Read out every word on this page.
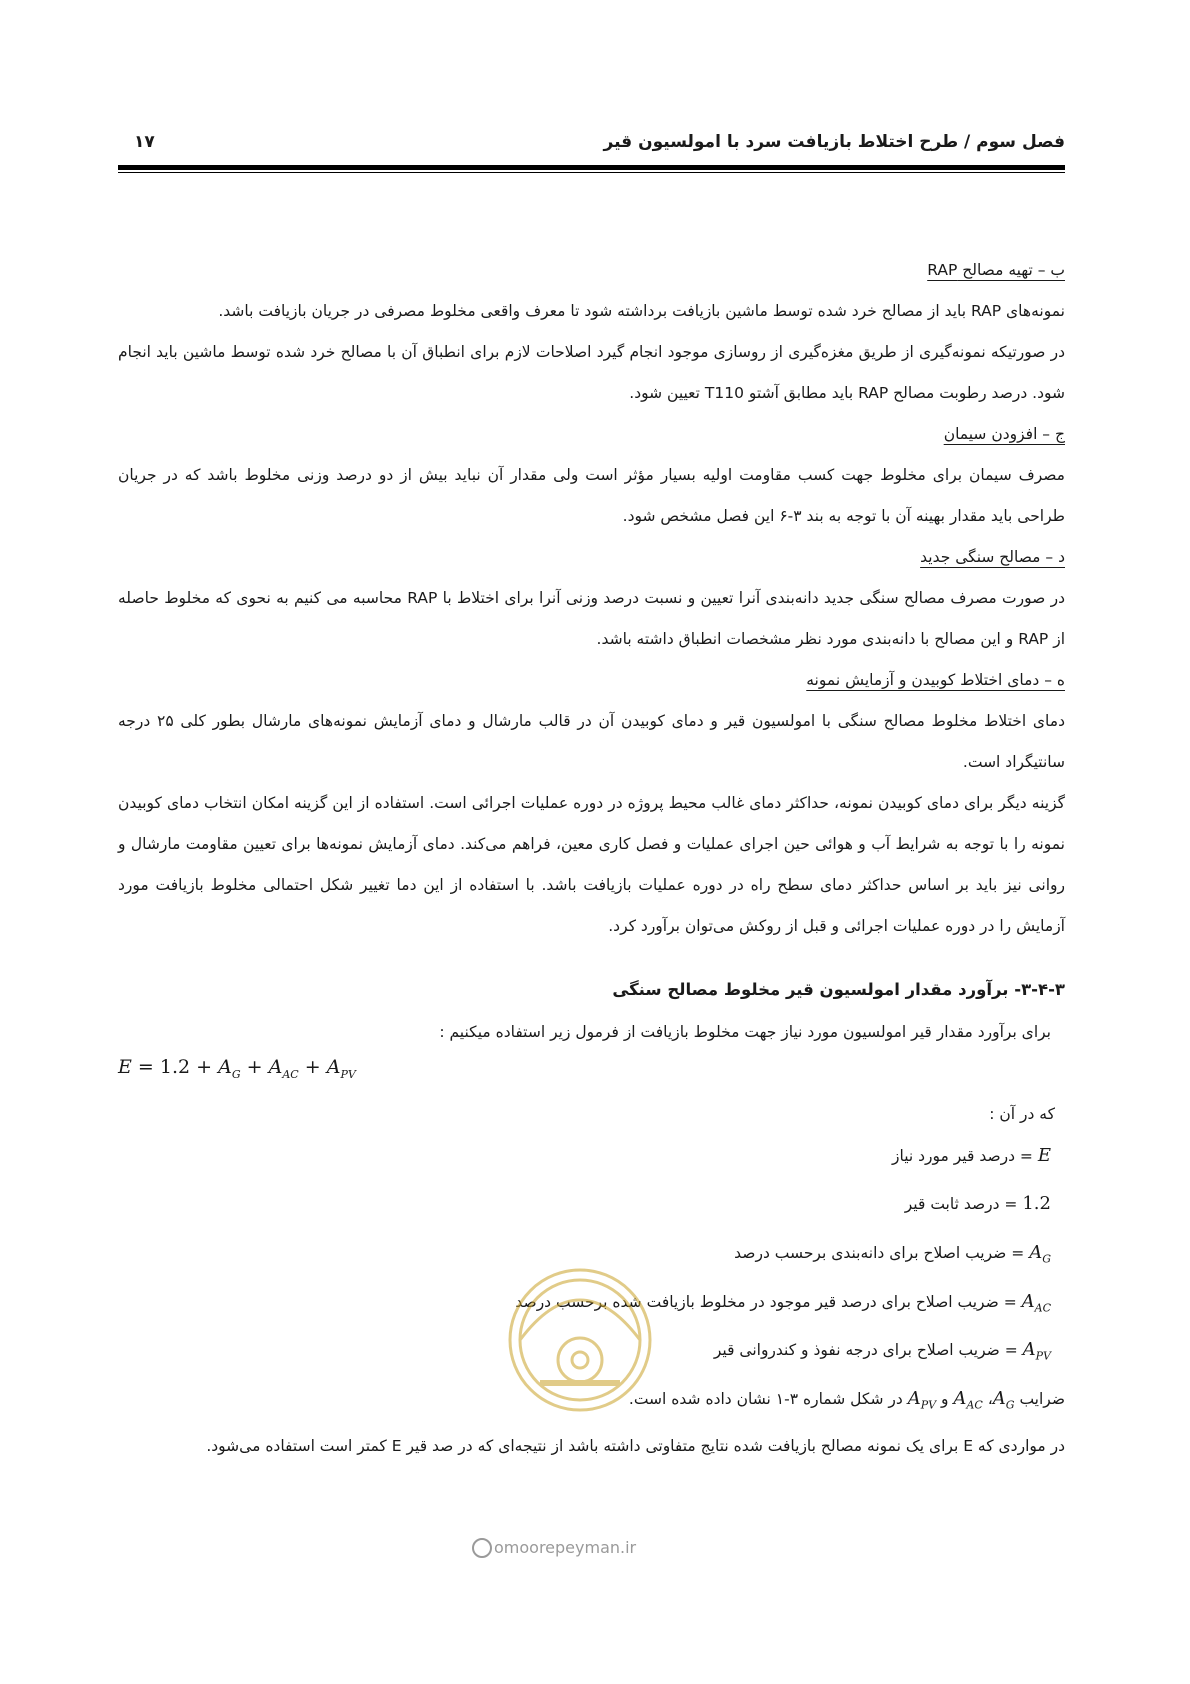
فصل سوم / طرح اختلاط بازیافت سرد با امولسیون قیر
۱۷

ب – تهیه مصالح RAP

نمونه‌های RAP باید از مصالح خرد شده توسط ماشین بازیافت برداشته شود تا معرف واقعی مخلوط مصرفی در جریان بازیافت باشد.

در صورتیکه نمونه‌گیری از طریق مغزه‌گیری از روسازی موجود انجام گیرد اصلاحات لازم برای انطباق آن با مصالح خرد شده توسط ماشین باید انجام شود. درصد رطوبت مصالح RAP باید مطابق آشتو T110 تعیین شود.

ج – افزودن سیمان

مصرف سیمان برای مخلوط جهت کسب مقاومت اولیه بسیار مؤثر است ولی مقدار آن نباید بیش از دو درصد وزنی مخلوط باشد که در جریان طراحی باید مقدار بهینه آن با توجه به بند ۳-۶ این فصل مشخص شود.

د – مصالح سنگی جدید

در صورت مصرف مصالح سنگی جدید دانه‌بندی آنرا تعیین و نسبت درصد وزنی آنرا برای اختلاط با RAP محاسبه می کنیم به نحوی که مخلوط حاصله از RAP و این مصالح با دانه‌بندی مورد نظر مشخصات انطباق داشته باشد.

ه – دمای اختلاط کوبیدن و آزمایش نمونه

دمای اختلاط مخلوط مصالح سنگی با امولسیون قیر و دمای کوبیدن آن در قالب مارشال و دمای آزمایش نمونه‌های مارشال بطور کلی ۲۵ درجه سانتیگراد است.

گزینه دیگر برای دمای کوبیدن نمونه، حداکثر دمای غالب محیط پروژه در دوره عملیات اجرائی است. استفاده از این گزینه امکان انتخاب دمای کوبیدن نمونه را با توجه به شرایط آب و هوائی حین اجرای عملیات و فصل کاری معین، فراهم می‌کند. دمای آزمایش نمونه‌ها برای تعیین مقاومت مارشال و روانی نیز باید بر اساس حداکثر دمای سطح راه در دوره عملیات بازیافت باشد. با استفاده از این دما تغییر شکل احتمالی مخلوط بازیافت مورد آزمایش را در دوره عملیات اجرائی و قبل از روکش می‌توان برآورد کرد.

۳-۴-۳- برآورد مقدار امولسیون قیر مخلوط مصالح سنگی

برای برآورد مقدار قیر امولسیون مورد نیاز جهت مخلوط بازیافت از فرمول زیر استفاده میکنیم :

$E = 1.2 + A_G + A_{AC} + A_{PV}$

که در آن :

E = درصد قیر مورد نیاز

1.2 = درصد ثابت قیر

$A_G$ = ضریب اصلاح برای دانه‌بندی برحسب درصد

$A_{AC}$ = ضریب اصلاح برای درصد قیر موجود در مخلوط بازیافت شده برحسب درصد

$A_{PV}$ = ضریب اصلاح برای درجه نفوذ و کندروانی قیر

ضرایب $A_G،$ $A_{AC}$ و $A_{PV}$ در شکل شماره ۳-۱ نشان داده شده است.

در مواردی که E برای یک نمونه مصالح بازیافت شده نتایج متفاوتی داشته باشد از نتیجه‌ای که در صد قیر E کمتر است استفاده می‌شود.

omoorepeyman.ir
